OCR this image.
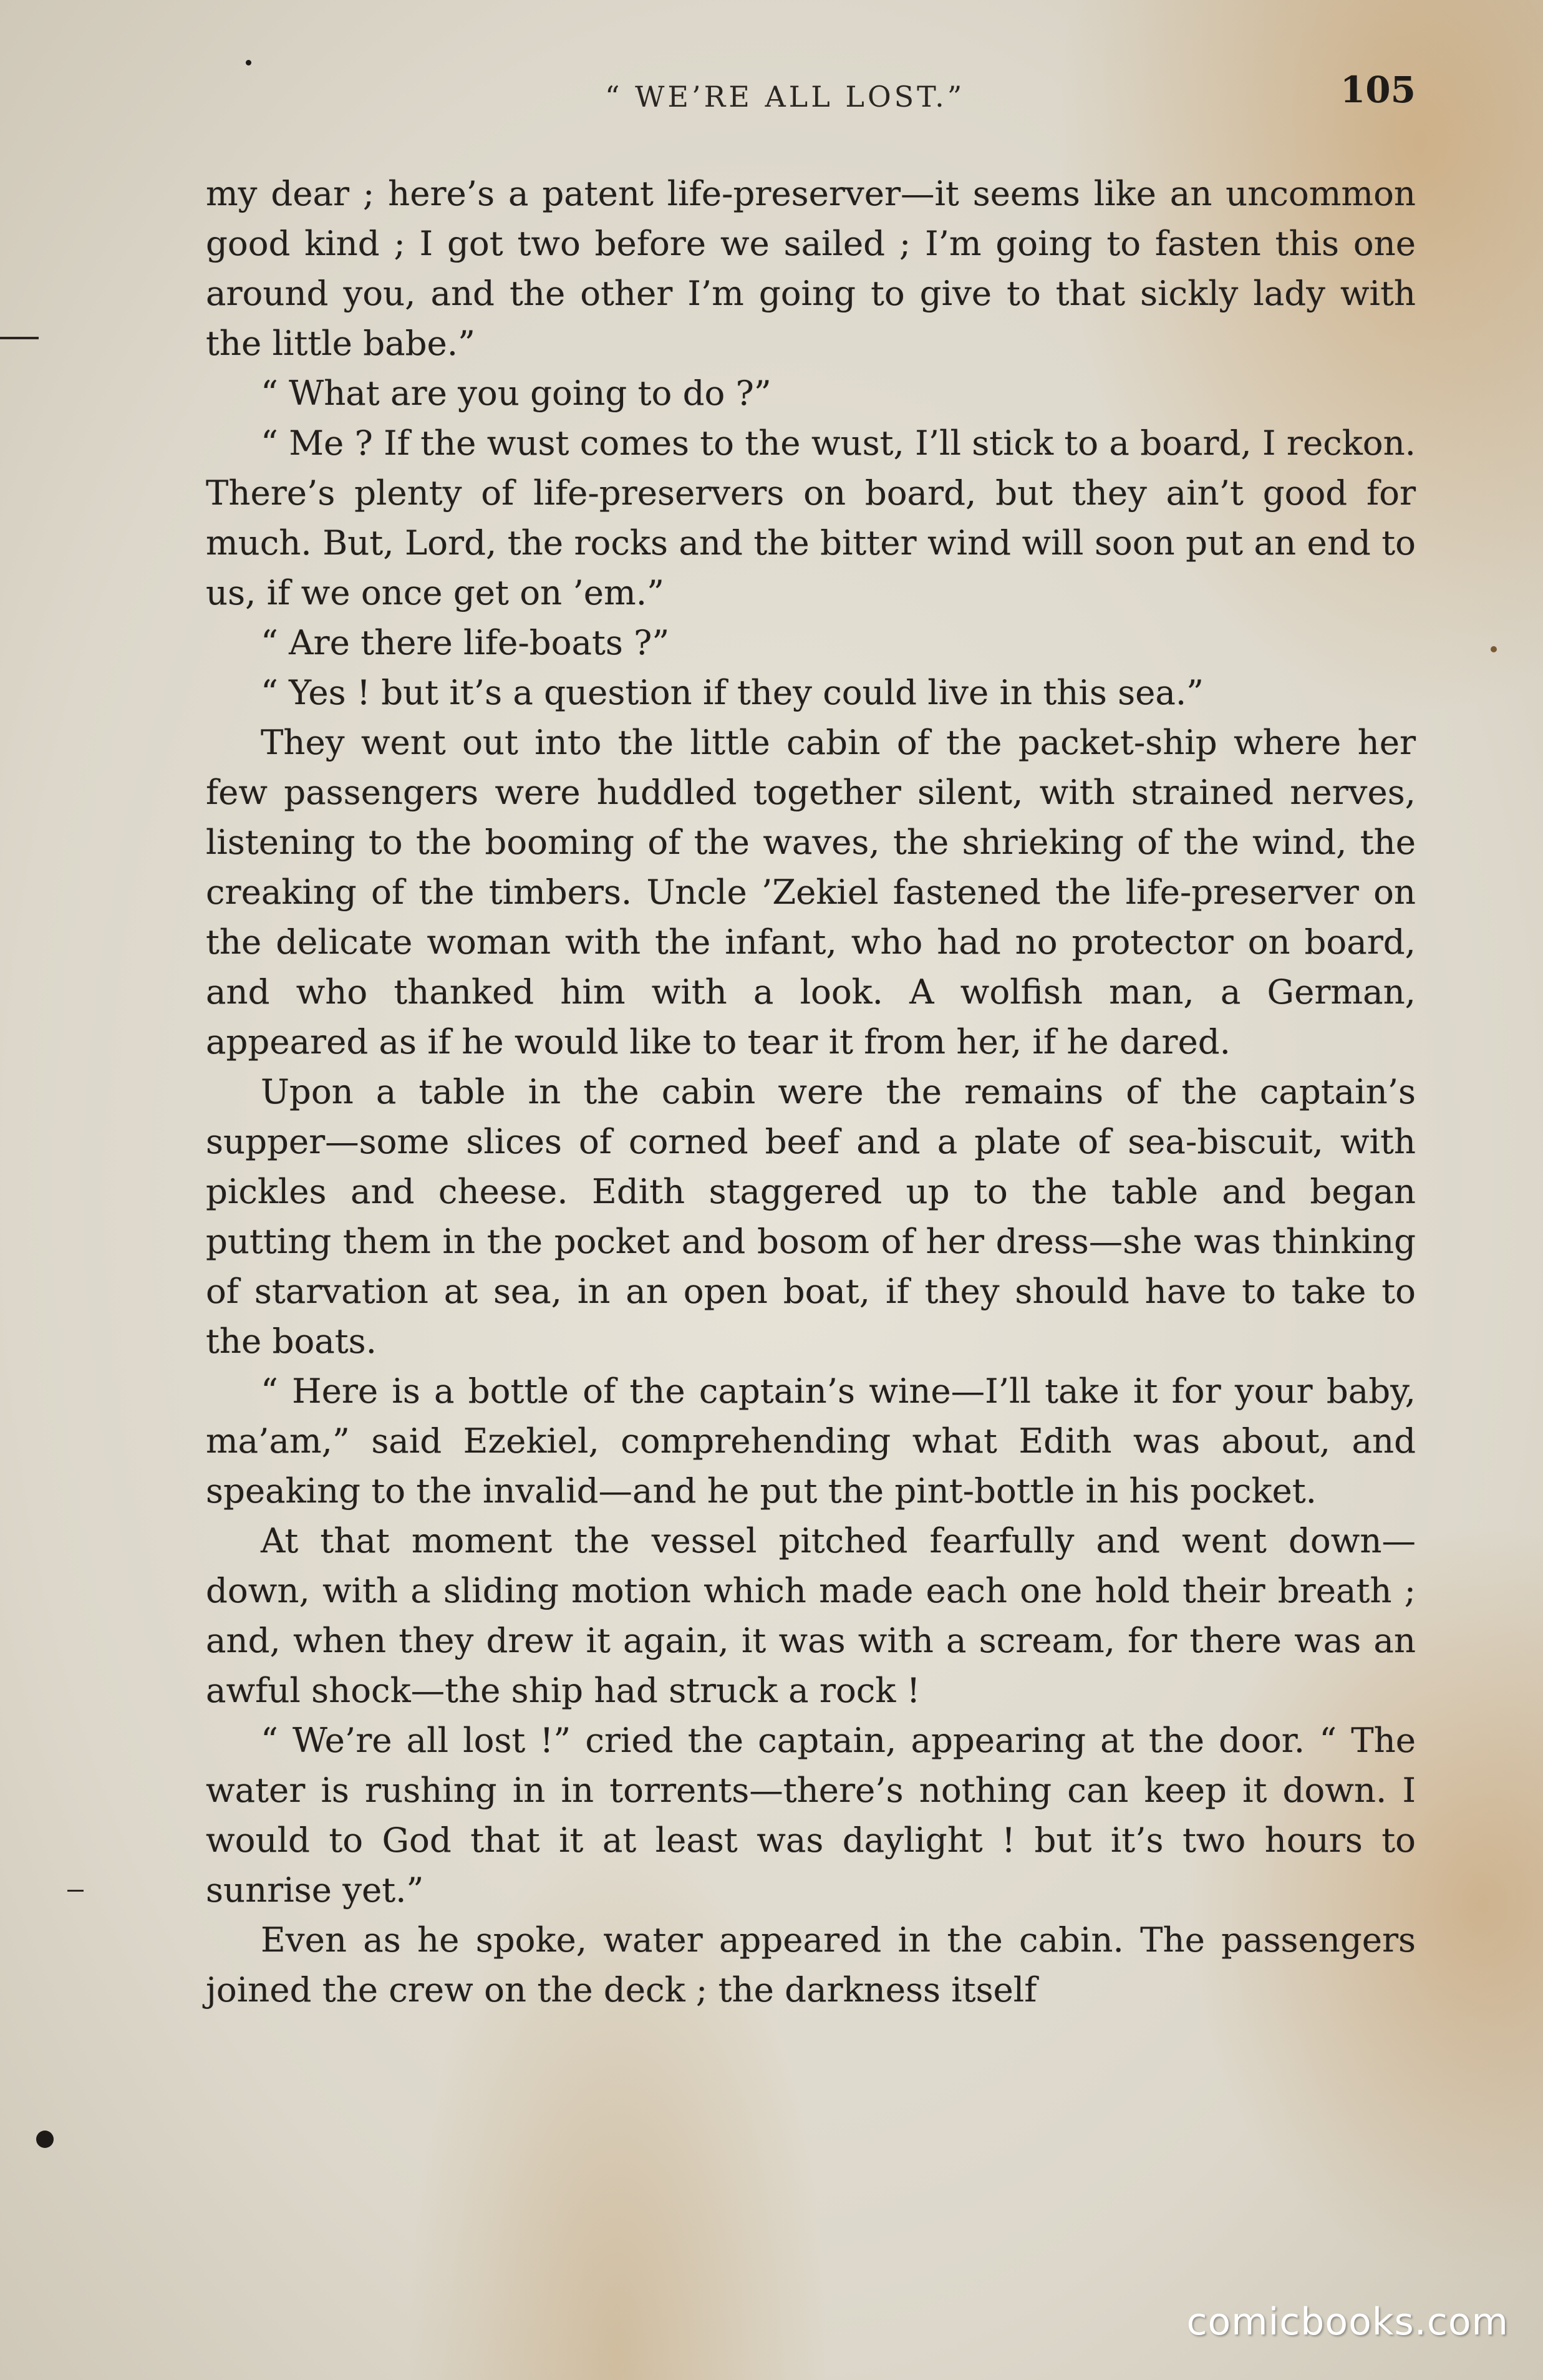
“ WE’RE ALL LOST.”	105

my dear ; here’s a patent life-preserver—it seems like an uncommon good kind ; I got two before we sailed ; I’m going to fasten this one around you, and the other I’m going to give to that sickly lady with the little babe.”

“ What are you going to do ?”

“ Me ? If the wust comes to the wust, I’ll stick to a board, I reckon. There’s plenty of life-preservers on board, but they ain’t good for much. But, Lord, the rocks and the bitter wind will soon put an end to us, if we once get on ’em.”

“ Are there life-boats ?”

“ Yes ! but it’s a question if they could live in this sea.”

They went out into the little cabin of the packet-ship where her few passengers were huddled together silent, with strained nerves, listening to the booming of the waves, the shrieking of the wind, the creaking of the timbers. Uncle ’Zekiel fastened the life-preserver on the delicate woman with the infant, who had no protector on board, and who thanked him with a look. A wolfish man, a German, appeared as if he would like to tear it from her, if he dared.

Upon a table in the cabin were the remains of the captain’s supper—some slices of corned beef and a plate of sea-biscuit, with pickles and cheese. Edith staggered up to the table and began putting them in the pocket and bosom of her dress—she was thinking of starvation at sea, in an open boat, if they should have to take to the boats.

“ Here is a bottle of the captain’s wine—I’ll take it for your baby, ma’am,” said Ezekiel, comprehending what Edith was about, and speaking to the invalid—and he put the pint-bottle in his pocket.

At that moment the vessel pitched fearfully and went down—down, with a sliding motion which made each one hold their breath ; and, when they drew it again, it was with a scream, for there was an awful shock—the ship had struck a rock !

“ We’re all lost !” cried the captain, appearing at the door. “ The water is rushing in in torrents—there’s nothing can keep it down. I would to God that it at least was daylight ! but it’s two hours to sunrise yet.”

Even as he spoke, water appeared in the cabin. The passengers joined the crew on the deck ; the darkness itself

comicbooks.com
